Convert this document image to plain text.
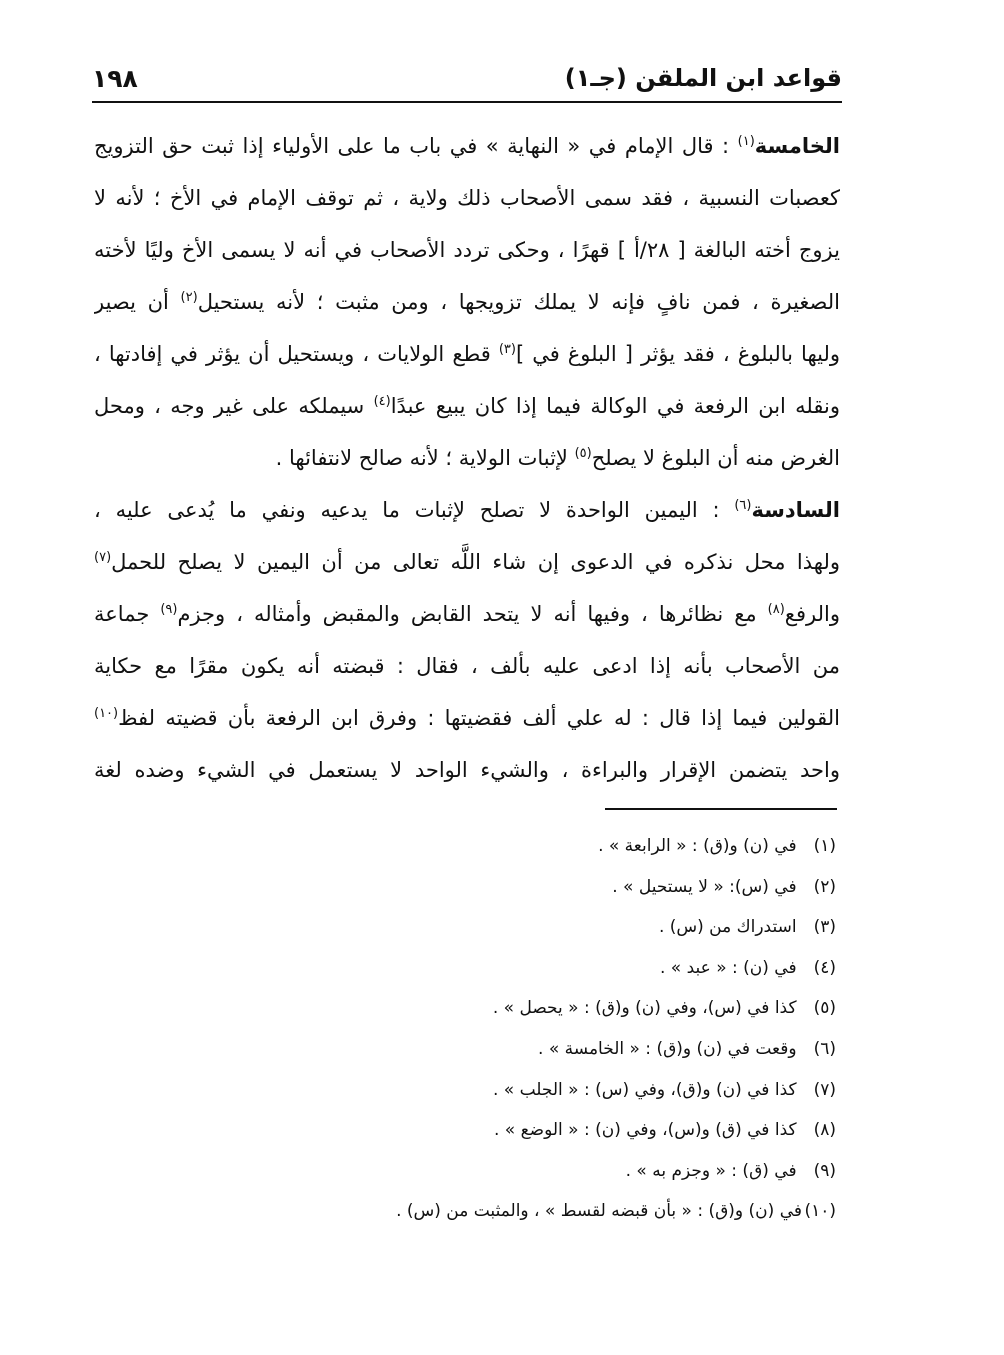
قواعد ابن الملقن (جـ١)
١٩٨
الخامسة$^{(١)}$ : قال الإمام في « النهاية » في باب ما على الأولياء إذا ثبت حق التزويج
كعصبات النسبية ، فقد سمى الأصحاب ذلك ولاية ، ثم توقف الإمام في الأخ ؛ لأنه لا
يزوج أخته البالغة [ ٢٨/أ ] قهرًا ، وحكى تردد الأصحاب في أنه لا يسمى الأخ وليًا لأخته
الصغيرة ، فمن نافٍ فإنه لا يملك تزويجها ، ومن مثبت ؛ لأنه يستحيل$^{(٢)}$ أن يصير
وليها بالبلوغ ، فقد يؤثر [ البلوغ في ]$^{(٣)}$ قطع الولايات ، ويستحيل أن يؤثر في إفادتها ،
ونقله ابن الرفعة في الوكالة فيما إذا كان يبيع عبدًا$^{(٤)}$ سيملكه على غير وجه ، ومحل
الغرض منه أن البلوغ لا يصلح$^{(٥)}$ لإثبات الولاية ؛ لأنه صالح لانتفائها .
السادسة$^{(٦)}$ : اليمين الواحدة لا تصلح لإثبات ما يدعيه ونفي ما يُدعى عليه ،
ولهذا محل نذكره في الدعوى إن شاء اللَّه تعالى من أن اليمين لا يصلح للحمل$^{(٧)}$
والرفع$^{(٨)}$ مع نظائرها ، وفيها أنه لا يتحد القابض والمقبض وأمثاله ، وجزم$^{(٩)}$ جماعة
من الأصحاب بأنه إذا ادعى عليه بألف ، فقال : قبضته أنه يكون مقرًا مع حكاية
القولين فيما إذا قال : له علي ألف فقضيتها : وفرق ابن الرفعة بأن قضيته لفظ$^{(١٠)}$
واحد يتضمن الإقرار والبراءة ، والشيء الواحد لا يستعمل في الشيء وضده لغة
(١) في (ن) و(ق) : « الرابعة » .
(٢) في (س): « لا يستحيل » .
(٣) استدراك من (س) .
(٤) في (ن) : « عبد » .
(٥) كذا في (س)، وفي (ن) و(ق) : « يحصل » .
(٦) وقعت في (ن) و(ق) : « الخامسة » .
(٧) كذا في (ن) و(ق)، وفي (س) : « الجلب » .
(٨) كذا في (ق) و(س)، وفي (ن) : « الوضع » .
(٩) في (ق) : « وجزم به » .
(١٠)في (ن) و(ق) : « بأن قبضه لقسط » ، والمثبت من (س) .
